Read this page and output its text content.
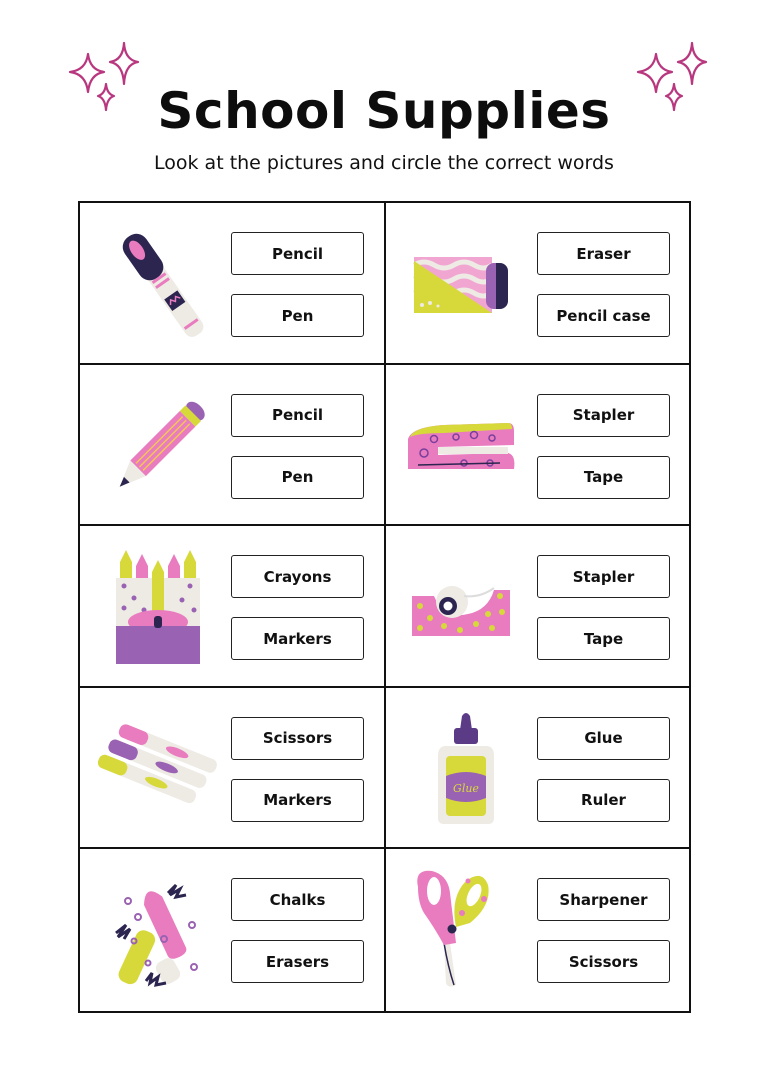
School Supplies

Look at the pictures and circle the correct words

Pencil
Pen
Eraser
Pencil case
Pencil
Pen
Stapler
Tape
Crayons
Markers
Stapler
Tape
Scissors
Markers
Glue
Glue
Ruler
Chalks
Erasers
Sharpener
Scissors
